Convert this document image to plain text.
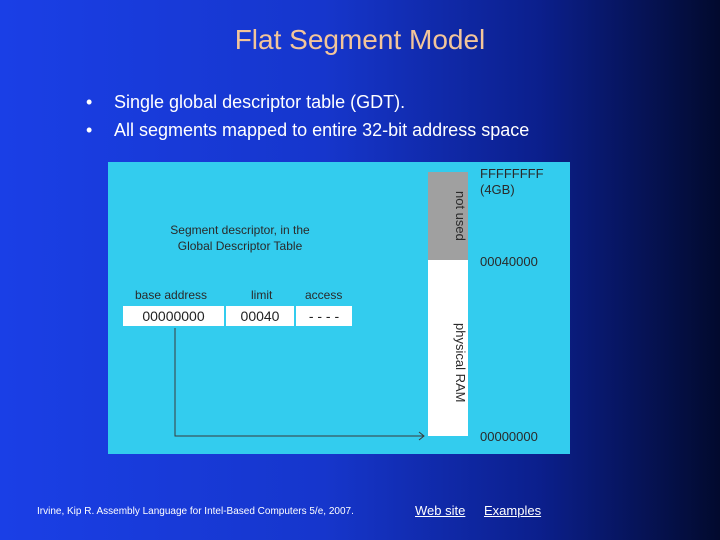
Flat Segment Model
• Single global descriptor table (GDT).
• All segments mapped to entire 32-bit address space
Segment descriptor, in the Global Descriptor Table
base address	limit	access
00000000	00040	- - - -
not used
physical RAM
FFFFFFFF
(4GB)
00040000
00000000
Irvine, Kip R. Assembly Language for Intel-Based Computers 5/e, 2007.	Web site Examples
